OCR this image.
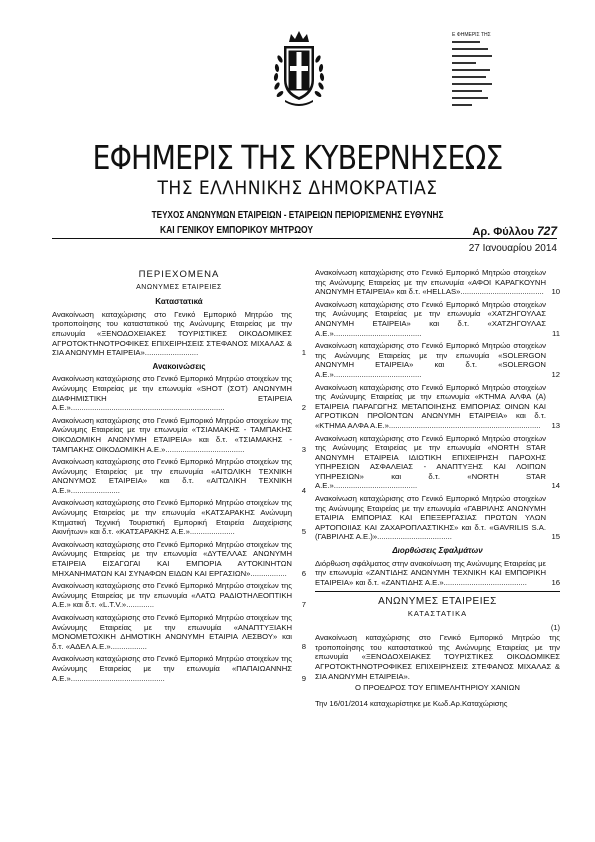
Ε ΦΗΜΕΡΙΣ ΤΗΣ
ΕΦΗΜΕΡΙΣ ΤΗΣ ΚΥΒΕΡΝΗΣΕΩΣ
ΤΗΣ ΕΛΛΗΝΙΚΗΣ ΔΗΜΟΚΡΑΤΙΑΣ
ΤΕΥΧΟΣ ΑΝΩΝΥΜΩΝ ΕΤΑΙΡΕΙΩΝ - ΕΤΑΙΡΕΙΩΝ ΠΕΡΙΟΡΙΣΜΕΝΗΣ ΕΥΘΥΝΗΣ
ΚΑΙ ΓΕΝΙΚΟΥ ΕΜΠΟΡΙΚΟΥ ΜΗΤΡΩΟΥ	Αρ. Φύλλου 727
27 Ιανουαρίου 2014
ΠΕΡΙΕΧΟΜΕΝΑ
ΑΝΩΝΥΜΕΣ ΕΤΑΙΡΕΙΕΣ
Καταστατικά
Ανακοίνωση καταχώρισης στο Γενικό Εμπορικό Μητρώο της τροποποίησης του καταστατικού της Ανώνυμης Εταιρείας με την επωνυμία «ΞΕΝΟΔΟΧΕΙΑΚΕΣ ΤΟΥΡΙΣΤΙΚΕΣ ΟΙΚΟΔΟΜΙΚΕΣ ΑΓΡΟΤΟΚΤΗΝΟΤΡΟΦΙΚΕΣ ΕΠΙΧΕΙΡΗΣΕΙΣ ΣΤΕΦΑΝΟΣ ΜΙΧΑΛΑΣ & ΣΙΑ ΑΝΩΝΥΜΗ ΕΤΑΙΡΕΙΑ».........................	1
Ανακοινώσεις
Ανακοίνωση καταχώρισης στο Γενικό Εμπορικό Μητρώο στοιχείων της Ανώνυμης Εταιρείας με την επωνυμία «SHOT (ΣΟΤ) ΑΝΩΝΥΜΗ ΔΙΑΦΗΜΙΣΤΙΚΗ ΕΤΑΙΡΕΙΑ Α.Ε.»........................................................................	2
Ανακοίνωση καταχώρισης στο Γενικό Εμπορικό Μητρώο στοιχείων της Ανώνυμης Εταιρείας με την επωνυμία «ΤΣΙΑΜΑΚΗΣ - ΤΑΜΠΑΚΗΣ ΟΙΚΟΔΟΜΙΚΗ ΑΝΩΝΥΜΗ ΕΤΑΙΡΕΙΑ» και δ.τ. «ΤΣΙΑΜΑΚΗΣ - ΤΑΜΠΑΚΗΣ ΟΙΚΟΔΟΜΙΚΗ Α.Ε.».....................................	3
Ανακοίνωση καταχώρισης στο Γενικό Εμπορικό Μητρώο στοιχείων της Ανώνυμης Εταιρείας με την επωνυμία «ΑΙΤΩΛΙΚΗ ΤΕΧΝΙΚΗ ΑΝΩΝΥΜΟΣ ΕΤΑΙΡΕΙΑ» και δ.τ. «ΑΙΤΩΛΙΚΗ ΤΕΧΝΙΚΗ Α.Ε.».......................	4
Ανακοίνωση καταχώρισης στο Γενικό Εμπορικό Μητρώο στοιχείων της Ανώνυμης Εταιρείας με την επωνυμία «ΚΑΤΣΑΡΑΚΗΣ Ανώνυμη Κτηματική Τεχνική Τουριστική Εμπορική Εταιρεία Διαχείρισης Ακινήτων» και δ.τ. «ΚΑΤΣΑΡΑΚΗΣ Α.Ε.».....................	5
Ανακοίνωση καταχώρισης στο Γενικό Εμπορικό Μητρώο στοιχείων της Ανώνυμης Εταιρείας με την επωνυμία «ΔΥΤΕΛΛΑΣ ΑΝΩΝΥΜΗ ΕΤΑΙΡΕΙΑ ΕΙΣΑΓΩΓΑΙ ΚΑΙ ΕΜΠΟΡΙΑ ΑΥΤΟΚΙΝΗΤΩΝ ΜΗΧΑΝΗΜΑΤΩΝ ΚΑΙ ΣΥΝΑΦΩΝ ΕΙΔΩΝ ΚΑΙ ΕΡΓΑΣΙΩΝ».................	6
Ανακοίνωση καταχώρισης στο Γενικό Εμπορικό Μητρώο στοιχείων της Ανώνυμης Εταιρείας με την επωνυμία «ΛΑΤΩ ΡΑΔΙΟΤΗΛΕΟΠΤΙΚΗ Α.Ε.» και δ.τ. «L.T.V.».............	7
Ανακοίνωση καταχώρισης στο Γενικό Εμπορικό Μητρώο στοιχείων της Ανώνυμης Εταιρείας με την επωνυμία «ΑΝΑΠΤΥΞΙΑΚΗ ΜΟΝΟΜΕΤΟΧΙΚΗ ΔΗΜΟΤΙΚΗ ΑΝΩΝΥΜΗ ΕΤΑΙΡΙΑ ΛΕΣΒΟΥ» και δ.τ. «ΑΔΕΛ Α.Ε.».................	8
Ανακοίνωση καταχώρισης στο Γενικό Εμπορικό Μητρώο στοιχείων της Ανώνυμης Εταιρείας με την επωνυμία «ΠΑΠΑΙΩΑΝΝΗΣ Α.Ε.»............................................	9
Ανακοίνωση καταχώρισης στο Γενικό Εμπορικό Μητρώο στοιχείων της Ανώνυμης Εταιρείας με την επωνυμία «ΑΦΟΙ ΚΑΡΑΓΚΟΥΝΗ ΑΝΩΝΥΜΗ ΕΤΑΙΡΕΙΑ» και δ.τ. «HELLAS»....................................... 10
Ανακοίνωση καταχώρισης στο Γενικό Εμπορικό Μητρώο στοιχείων της Ανώνυμης Εταιρείας με την επωνυμία «ΧΑΤΖΗΓΟΥΛΑΣ ΑΝΩΝΥΜΗ ΕΤΑΙΡΕΙΑ» και δ.τ. «ΧΑΤΖΗΓΟΥΛΑΣ Α.Ε.».........................................	11
Ανακοίνωση καταχώρισης στο Γενικό Εμπορικό Μητρώο στοιχείων της Ανώνυμης Εταιρείας με την επωνυμία «SOLERGON ΑΝΩΝΥΜΗ ΕΤΑΙΡΕΙΑ» και δ.τ. «SOLERGON Α.Ε.».........................................	12
Ανακοίνωση καταχώρισης στο Γενικό Εμπορικό Μητρώο στοιχείων της Ανώνυμης Εταιρείας με την επωνυμία «ΚΤΗΜΑ ΑΛΦΑ (Α) ΕΤΑΙΡΕΙΑ ΠΑΡΑΓΩΓΗΣ ΜΕΤΑΠΟΙΗΣΗΣ ΕΜΠΟΡΙΑΣ ΟΙΝΩΝ ΚΑΙ ΑΓΡΟΤΙΚΩΝ ΠΡΟΪΟΝΤΩΝ ΑΝΩΝΥΜΗ ΕΤΑΙΡΕΙΑ» και δ.τ. «ΚΤΗΜΑ ΑΛΦΑ Α.Ε.».......................................................................	13
Ανακοίνωση καταχώρισης στο Γενικό Εμπορικό Μητρώο στοιχείων της Ανώνυμης Εταιρείας με την επωνυμία «NORTH STAR ΑΝΩΝΥΜΗ ΕΤΑΙΡΕΙΑ ΙΔΙΩΤΙΚΗ ΕΠΙΧΕΙΡΗΣΗ ΠΑΡΟΧΗΣ ΥΠΗΡΕΣΙΩΝ ΑΣΦΑΛΕΙΑΣ - ΑΝΑΠΤΥΞΗΣ ΚΑΙ ΛΟΙΠΩΝ ΥΠΗΡΕΣΙΩΝ» και δ.τ. «NORTH STAR Α.Ε.».......................................	14
Ανακοίνωση καταχώρισης στο Γενικό Εμπορικό Μητρώο στοιχείων της Ανώνυμης Εταιρείας με την επωνυμία «ΓΑΒΡΙΛΗΣ ΑΝΩΝΥΜΗ ΕΤΑΙΡΙΑ ΕΜΠΟΡΙΑΣ ΚΑΙ ΕΠΕΞΕΡΓΑΣΙΑΣ ΠΡΩΤΩΝ ΥΛΩΝ ΑΡΤΟΠΟΙΙΑΣ ΚΑΙ ΖΑΧΑΡΟΠΛΑΣΤΙΚΗΣ» και δ.τ. «GAVRILIS S.A. (ΓΑΒΡΙΛΗΣ Α.Ε.)»...................................	15
Διορθώσεις Σφαλμάτων
Διόρθωση σφάλματος στην ανακοίνωση της Ανώνυμης Εταιρείας με την επωνυμία «ΖΑΝΤΙΔΗΣ ΑΝΩΝΥΜΗ ΤΕΧΝΙΚΗ ΚΑΙ ΕΜΠΟΡΙΚΗ ΕΤΑΙΡΕΙΑ» και δ.τ. «ΖΑΝΤΙΔΗΣ Α.Ε.».......................................	16
ΑΝΩΝΥΜΕΣ ΕΤΑΙΡΕΙΕΣ
ΚΑΤΑΣΤΑΤΙΚΑ
(1)
Ανακοίνωση καταχώρισης στο Γενικό Εμπορικό Μητρώο της τροποποίησης του καταστατικού της Ανώνυμης Εταιρείας με την επωνυμία «ΞΕΝΟΔΟΧΕΙΑΚΕΣ ΤΟΥΡΙΣΤΙΚΕΣ ΟΙΚΟΔΟΜΙΚΕΣ ΑΓΡΟΤΟΚΤΗΝΟΤΡΟΦΙΚΕΣ ΕΠΙΧΕΙΡΗΣΕΙΣ ΣΤΕΦΑΝΟΣ ΜΙΧΑΛΑΣ & ΣΙΑ ΑΝΩΝΥΜΗ ΕΤΑΙΡΕΙΑ».
Ο ΠΡΟΕΔΡΟΣ ΤΟΥ ΕΠΙΜΕΛΗΤΗΡΙΟΥ ΧΑΝΙΩΝ
Την 16/01/2014 καταχωρίστηκε με Κωδ.Αρ.Καταχώρισης
